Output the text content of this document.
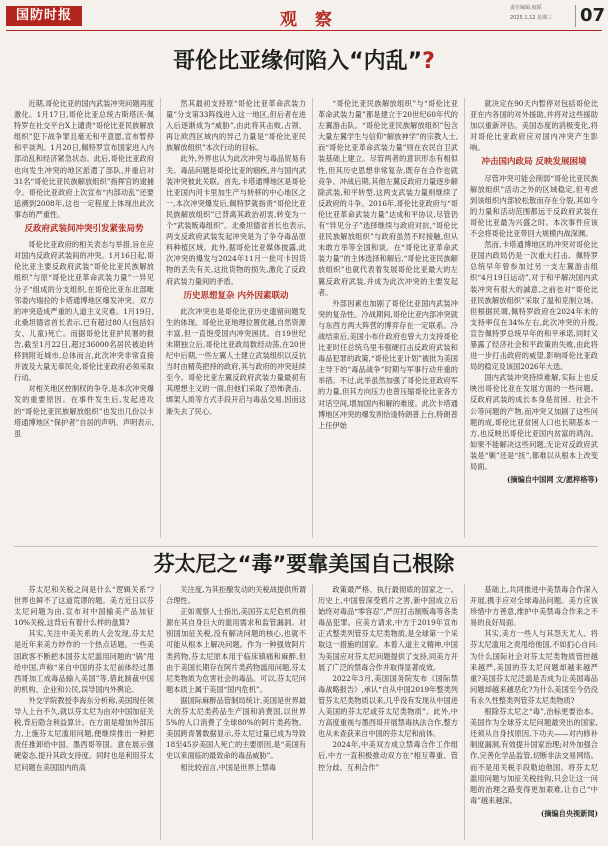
国防时报	观 察
责任编辑:庭韬
2025.1.12 星期三 07
哥伦比亚缘何陷入“内乱”?

近期,哥伦比亚的国内武装冲突问题再度激化。1月17日,哥伦比亚总统古斯塔沃·佩特罗在社交平台X上谴责“哥伦比亚民族解放组织”犯下战争罪且毫无和平意愿,宣布暂停和平谈判。1月20日,佩特罗宣布国家进入内部动乱和经济紧急状态。此后,哥伦比亚政府也向发生冲突的地区派遣了部队,并重启对31名“哥伦比亚民族解放组织”指挥官的逮捕令。哥伦比亚政府上次宣布“内部动乱”还要追溯到2008年,这也一定程度上体现出此次事态的严重性。

反政府武装间冲突引发紧张局势

哥伦比亚政府的相关表态与举措,旨在应对国内反政府武装间的冲突。1月16日起,哥伦比亚主要反政府武装“哥伦比亚民族解放组织”与原“哥伦比亚革命武装力量”一异见分子“组成的分支组织,在哥伦比亚东北部毗邻委内瑞拉的卡塔通博地区爆发冲突。双方的冲突造成严重的人道主义灾难。1月19日,北桑坦德省首长表示,已有超过80人(包括妇女、儿童)死亡。而据哥伦比亚护民署的报告,截至1月22日,超过36000名居民被迫转移到附近城市,总体而言,此次冲突非常直接并波及大量无辜民众,哥伦比亚政府必须采取行动。

对相关地区控制权的争夺,是本次冲突爆发的重要原因。在事件发生后,发起进攻的“哥伦比亚民族解放组织”也发出几份以卡塔通博地区“保护者”自居的声明。声明表示,虽

然其最初支持原“哥伦比亚革命武装力量”分支第33阵线进入这一地区,但后者在进入后逐渐成为“威胁”,由此将其击败,占领、再让欧西区域内的异己力量是“哥伦比亚民族解放组织”本次行动的目标。

此外,外界也认为此次冲突与毒品贸易有关。毒品问题是哥伦比亚的痼疾,并与国内武装冲突彼此关联。首先,卡塔通博地区是哥伦比亚国内河卡里加生产与转移的中心地区之一,本次冲突爆发后,佩特罗就指责“哥伦比亚民族解放组织”已背离其政治初衷,转变为一个“武装贩毒组织”。北桑坦德省首长也表示,两支反政府武装发起冲突是为了争夺毒品原料种植区域。此外,据哥伦比亚媒体披露,此次冲突的爆发与2024年11月一批可卡因货物的丢失有关,这批货物的损失,激化了反政府武装力量间的矛盾。

历史思想复杂 内外因素联动

此次冲突也是哥伦比亚历史遗留问题发生的体现。哥伦比亚地理位置优越,自然资源丰富,但一直饱受国内冲突困扰。自19世纪末期独立后,哥伦比亚政局数经动荡,在20世纪中后期,一些左翼人士建立武装组织以反抗当时由精英把持的政府,其与政府的冲突延续至今。哥伦比亚左翼反政府武装力量最初有其理想主义的一面,但他们采取了恐怖袭击、绑架人质等方式手段开启与毒品交易,因而这渐失去了民心。

“哥伦比亚民族解放组织”与“哥伦比亚革命武装力量”都是建立于20世纪60年代的左翼游击队。“哥伦比亚民族解放组织”包含大量左翼学生与信仰“解放神学”的宗教人士,而“哥伦比亚革命武装力量”则在农民自卫武装基础上建立。尽管两者的意识形态有相似性,但其历史思想非常复杂,既存在合作也就竞争、冲战后期,其他左翼反政府力量逐步解除武装,和平转型,这两支武装力量则继续了反政府的斗争。2016年,哥伦比亚政府与“哥伦比亚革命武装力量”达成和平协议,尽管仍有“异见分子”选择继续与政府对抗,“哥伦比亚民族解放组织”与政府虽然不时接触,但从未敢方举等全国和谈。在“哥伦比亚革命武装力量”的主体选择和解后,“哥伦比亚民族解放组织”也就代表着发展哥伦比亚最大的左翼反政府武装,并成为此次冲突的主要发起者。

外部因素也加剧了哥伦比亚国内武装冲突的复杂性。冷战期间,哥伦比亚内部冲突就与东西方两大阵营的博弈存在一定联系。冷战结束后,美国小布什政府也曾大力支持哥伦比亚时任总统乌里韦强硬打击反政府武装和毒品犯罪的政策,“哥伦比亚计划”被批为美国主导下的“毒品战争”时期与军事行动并重的举措。不过,此举虽然加强了哥伦比亚政府军的力量,但其方向压力也曾压缩哥伦比亚各方对话空间,增加国内和解的难度。此次卡塔通博地区冲突的爆发则恰逢特朗普上台,特朗普上任伊始

就决定在90天内暂停对包括哥伦比亚在内各国的对外援助,并将对这些援助加以重新评估。美国态度的消极变化,将对哥伦比亚政府应对国内冲突产生影响。

冲击国内政局 反映发展困境

尽管冲突可能会削弱“哥伦比亚民族解放组织”活动之外的区域稳定,但考虑到该组织内部较松散而存在分裂,其如今的力量和活动范围都远于反政府武装在哥伦比亚最为兴盛之时。本次事件应该不会将哥伦比亚带回大规模内战深渊。

然而,卡塔通博地区的冲突对哥伦比亚国内政局仍是一次重大打击。佩特罗总统早年曾参加过另一支左翼游击组织“4月19日运动”,对于和平解决国内武装冲突有很大的誠意,之前也对“哥伦比亚民族解放组织”采取了温和克制立场。但根据民调,佩特罗政府在2024年末的支持率仅在34%左右,此次冲突的升级,宣告佩特罗总统早年的和平承诺,同时又暴露了经济社会和平政策的失败,由此将进一步打击政府的威望,影响哥伦比亚政局的稳定及该国2026年大选。

国内武装冲突持续难解,实际上也反映出哥伦比亚在发展方面的一些问题。反政府武装的成长本身是贫困、社会不公等问题的产物,而冲突又加剧了这些问题的成,哥伦比亚贫困人口也长期基本一方,也反映出哥伦比亚国内贫富的鸿沟。如果不能解决这些问题,无论对反政府武装是“剿”还是“抚”,都难以从根本上改变局面。

(摘编自中国网 文/愿梓格等)

芬太尼之“毒”要靠美国自己根除

芬太尼和关税之间是什么“逻辑关系”?世界也鲜不了这道荒谬的题。美方近日以芬太尼问题为由,宣布对中国输美产品加征10%关税,这背后有着什么样的盘算?

其实,关注中美关系的人会发现,芬太尼是近年来美方炒作的一个热点话题。一些美国政客不断把本国芬太尼滥用问题的“锅”甩给中国,声称“来自中国的芬太尼前体经过墨西哥加工成毒品输入美国”等,借此制裁中国的机构、企业和公民,误导国内外舆论。

外交学院教授李海东分析称,美国现任领导人上台不久,就以芬太尼为由对中国加征关税,背后隐含利益算计。在方面是增加外部压力,上施芬太尼滥用问题,便继续推出一种把责任推卸给中国、墨西哥等国。意在展示强硬姿态,提升其政支持度。同时也是利用芬太尼问题在美国国内的高

关注度,为其拒酿发动的关税战提供所谓合理性。

正如观察人士指出,美国芬太尼危机的根源在其自身巨大的滥用需求和监管漏洞。对别国加征关税,没有解决问题的核心,也就不可能从根本上解决问题。作为一种强效阿片类药物,芬太尼原本用于临床镇痛和麻醉,但由于美国长期存在阿片类药物滥用问题,芬太尼类物质为危害社会的毒品。可以,芬太尼问题本质上属于美国“国内危机”。

据国际麻醉品管制局统计,美国是世界最大的芬太尼类药品生产国和消费国,以世界5%的人口消费了全球80%的阿片类药物。美国跨青署数据显示,芬太尼过量已成为导致18至45岁美国人死亡的主要原因,是“美国有史以来面临的最致命的毒品威胁”。

相比较而言,中国是世界上禁毒

政策最严格、执行最彻底的国家之一。历史上,中国曾深受鸦片之害,新中国成立后始终对毒品“零容忍”,严厉打击制贩毒等各类毒品犯罪。应美方请求,中方于2019年宣布正式整类列管芬太尼类物质,是全球第一个采取这一措施的国家。本着人道主义精神,中国为美国应对芬太尼问题提供了支持,同美方开展了广泛的禁毒合作并取得显著成效。

2022年3月,美国国务院发布《国际禁毒战略报告》,承认“自从中国2019年整类列管芬太尼类物质以来,几乎没有发现从中国进入美国的芬太尼或芬太尼类物质”。此外,中方高度重视与墨西哥开展禁毒执法合作,整方也从未查获来自中国的芬太尼和前体。

2024年,中美双方成立禁毒合作工作组后,中方一直积极推动双方在“相互尊重、管控分歧、互利合作”

基础上,共同推进中美禁毒合作深入开展,携手应对全球毒品问题。美方应该珍惜中方善意,维护中美禁毒合作来之不易的良好局面。

其实,美方一些人与其怨天尤人、将芬太尼滥用之责甩给他国,不如扪心自问:为什么国际社会对芬太尼类物质管控越来越严,美国的芬太尼问题却越来越严重?美国芬太尼泛滥是否成为让美国毒品问题却越来越恶化?为什么美国至今仍没有永久性整类列管芬太尼类物质?

根除芬太尼之“毒”,治标更要治本。美国作为全球芬太尼问题最突出的国家,还须从自身找原因,下功夫——对内修补制度漏洞,有效提升国家治理;对外加强合作,完善化学品监管,切断非法交易网络。而不是用关税手段勒迫他国。将芬太尼滥用问题与加征关税挂钩,只会让这一问题的治理之路变得更加艰难,让自己“中毒”越来越深。

(摘编自央视新闻)
